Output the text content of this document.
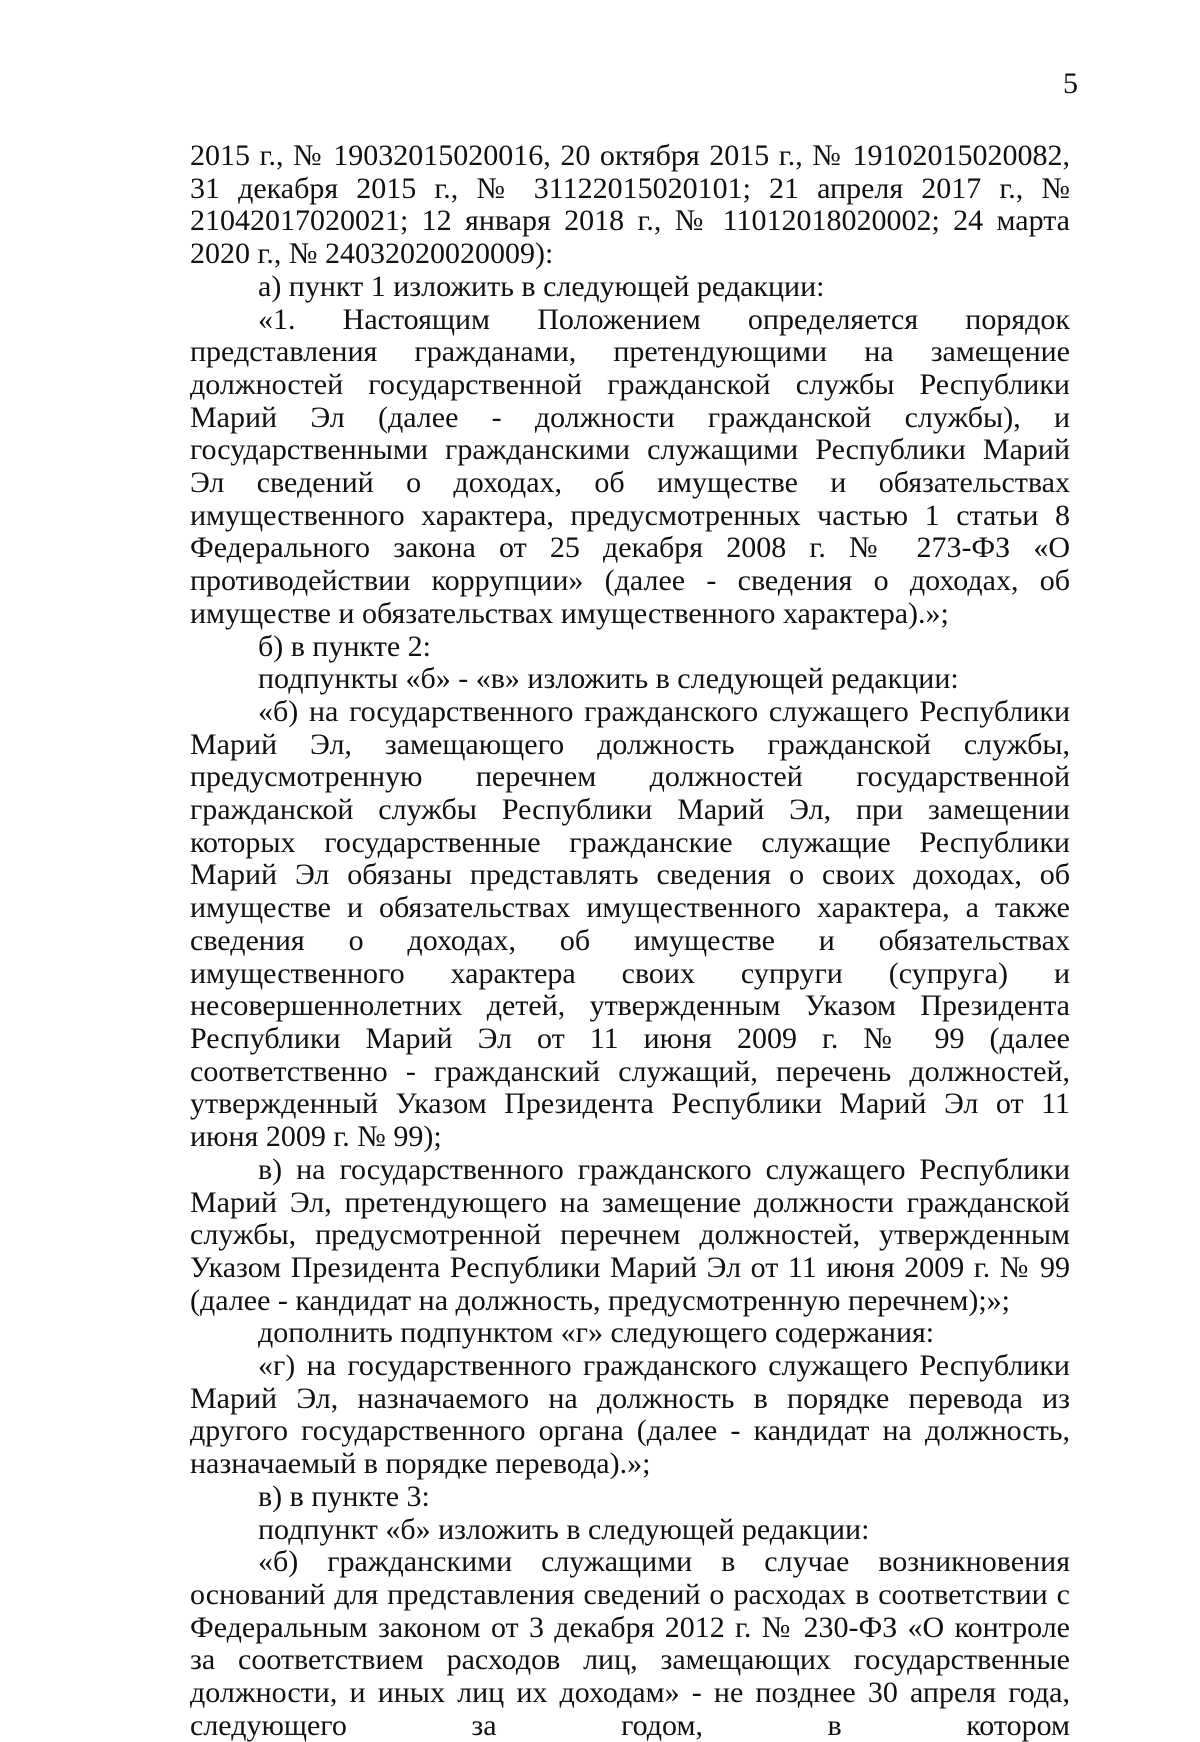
5

2015 г., № 19032015020016, 20 октября 2015 г., № 19102015020082, 31 декабря 2015 г., № 31122015020101; 21 апреля 2017 г., № 21042017020021; 12 января 2018 г., № 11012018020002; 24 марта 2020 г., № 24032020020009):

а) пункт 1 изложить в следующей редакции:

«1. Настоящим Положением определяется порядок представления гражданами, претендующими на замещение должностей государственной гражданской службы Республики Марий Эл (далее - должности гражданской службы), и государственными гражданскими служащими Республики Марий Эл сведений о доходах, об имуществе и обязательствах имущественного характера, предусмотренных частью 1 статьи 8 Федерального закона от 25 декабря 2008 г. № 273-ФЗ «О противодействии коррупции» (далее - сведения о доходах, об имуществе и обязательствах имущественного характера).»;

б) в пункте 2:

подпункты «б» - «в» изложить в следующей редакции:

«б) на государственного гражданского служащего Республики Марий Эл, замещающего должность гражданской службы, предусмотренную перечнем должностей государственной гражданской службы Республики Марий Эл, при замещении которых государственные гражданские служащие Республики Марий Эл обязаны представлять сведения о своих доходах, об имуществе и обязательствах имущественного характера, а также сведения о доходах, об имуществе и обязательствах имущественного характера своих супруги (супруга) и несовершеннолетних детей, утвержденным Указом Президента Республики Марий Эл от 11 июня 2009 г. № 99 (далее соответственно - гражданский служащий, перечень должностей, утвержденный Указом Президента Республики Марий Эл от 11 июня 2009 г. № 99);

в) на государственного гражданского служащего Республики Марий Эл, претендующего на замещение должности гражданской службы, предусмотренной перечнем должностей, утвержденным Указом Президента Республики Марий Эл от 11 июня 2009 г. № 99 (далее - кандидат на должность, предусмотренную перечнем);»;

дополнить подпунктом «г» следующего содержания:

«г) на государственного гражданского служащего Республики Марий Эл, назначаемого на должность в порядке перевода из другого государственного органа (далее - кандидат на должность, назначаемый в порядке перевода).»;

в) в пункте 3:

подпункт «б» изложить в следующей редакции:

«б) гражданскими служащими в случае возникновения оснований для представления сведений о расходах в соответствии с Федеральным законом от 3 декабря 2012 г. № 230-ФЗ «О контроле за соответствием расходов лиц, замещающих государственные должности, и иных лиц их доходам» - не позднее 30 апреля года, следующего за годом, в котором
